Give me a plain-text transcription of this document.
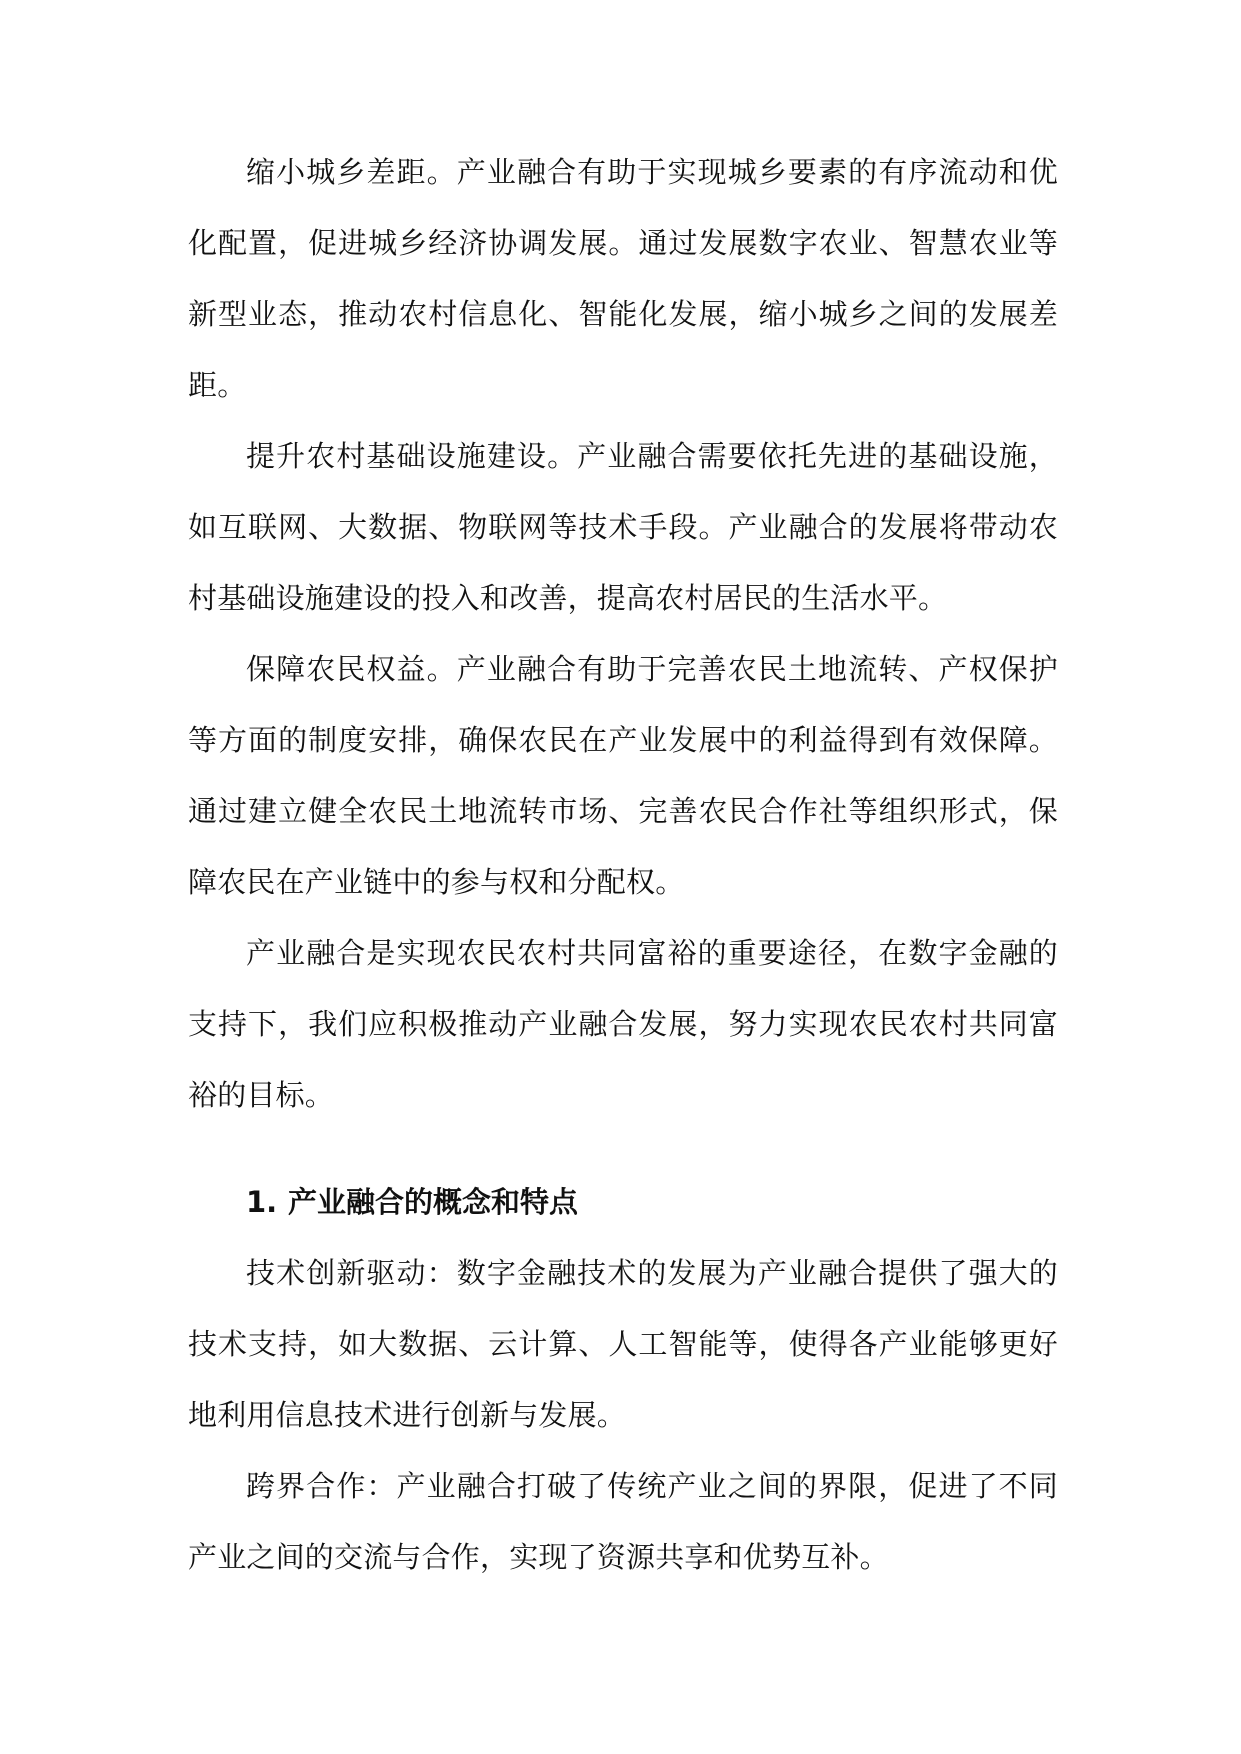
缩小城乡差距。产业融合有助于实现城乡要素的有序流动和优化配置，促进城乡经济协调发展。通过发展数字农业、智慧农业等新型业态，推动农村信息化、智能化发展，缩小城乡之间的发展差距。

提升农村基础设施建设。产业融合需要依托先进的基础设施，如互联网、大数据、物联网等技术手段。产业融合的发展将带动农村基础设施建设的投入和改善，提高农村居民的生活水平。

保障农民权益。产业融合有助于完善农民土地流转、产权保护等方面的制度安排，确保农民在产业发展中的利益得到有效保障。通过建立健全农民土地流转市场、完善农民合作社等组织形式，保障农民在产业链中的参与权和分配权。

产业融合是实现农民农村共同富裕的重要途径，在数字金融的支持下，我们应积极推动产业融合发展，努力实现农民农村共同富裕的目标。

1. 产业融合的概念和特点

技术创新驱动：数字金融技术的发展为产业融合提供了强大的技术支持，如大数据、云计算、人工智能等，使得各产业能够更好地利用信息技术进行创新与发展。

跨界合作：产业融合打破了传统产业之间的界限，促进了不同产业之间的交流与合作，实现了资源共享和优势互补。
